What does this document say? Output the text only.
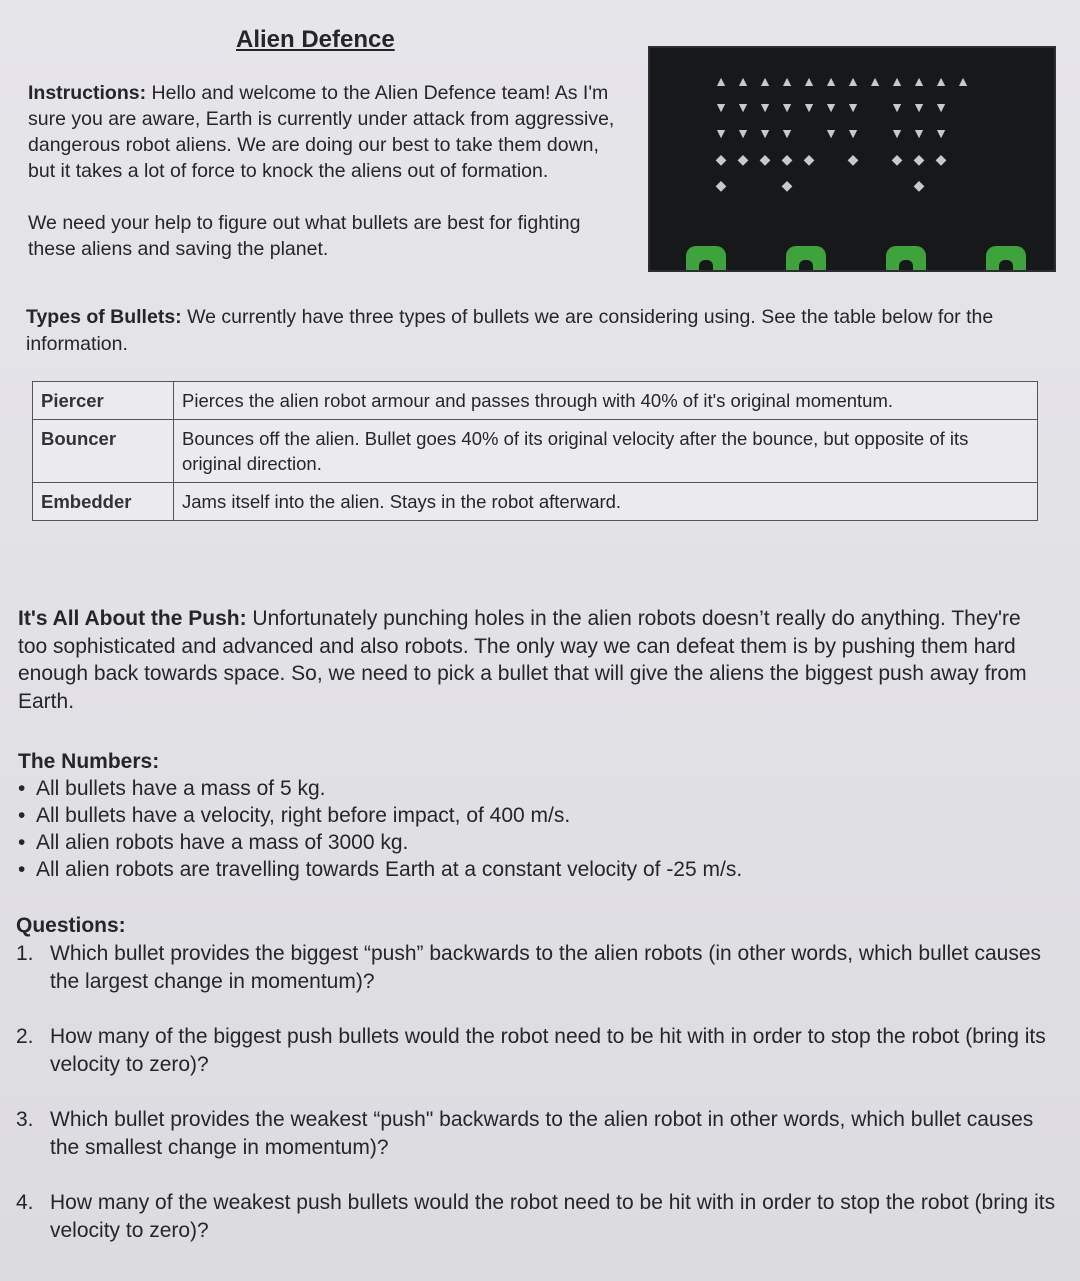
Alien Defence

Instructions: Hello and welcome to the Alien Defence team! As I'm sure you are aware, Earth is currently under attack from aggressive, dangerous robot aliens. We are doing our best to take them down, but it takes a lot of force to knock the aliens out of formation.

We need your help to figure out what bullets are best for fighting these aliens and saving the planet.

▲ ▲ ▲ ▲ ▲ ▲ ▲ ▲ ▲ ▲ ▲ ▲
▼ ▼ ▼ ▼ ▼ ▼ ▼ ▼ ▼ ▼
▼ ▼ ▼ ▼ ▼ ▼ ▼ ▼ ▼
◆ ◆ ◆ ◆ ◆	◆	◆ ◆ ◆
◆	◆	◆
Types of Bullets: We currently have three types of bullets we are considering using. See the table below for the information.
Piercer	Pierces the alien robot armour and passes through with 40% of it's original momentum.
Bouncer	Bounces off the alien. Bullet goes 40% of its original velocity after the bounce, but opposite of its original direction.
Embedder	Jams itself into the alien. Stays in the robot afterward.
It's All About the Push: Unfortunately punching holes in the alien robots doesn’t really do anything. They're too sophisticated and advanced and also robots. The only way we can defeat them is by pushing them hard enough back towards space. So, we need to pick a bullet that will give the aliens the biggest push away from Earth.
The Numbers:
• All bullets have a mass of 5 kg.
• All bullets have a velocity, right before impact, of 400 m/s.
• All alien robots have a mass of 3000 kg.
• All alien robots are travelling towards Earth at a constant velocity of -25 m/s.
Questions:
1. Which bullet provides the biggest “push” backwards to the alien robots (in other words, which bullet causes the largest change in momentum)?
2. How many of the biggest push bullets would the robot need to be hit with in order to stop the robot (bring its velocity to zero)?
3. Which bullet provides the weakest “push" backwards to the alien robot in other words, which bullet causes the smallest change in momentum)?
4. How many of the weakest push bullets would the robot need to be hit with in order to stop the robot (bring its velocity to zero)?
